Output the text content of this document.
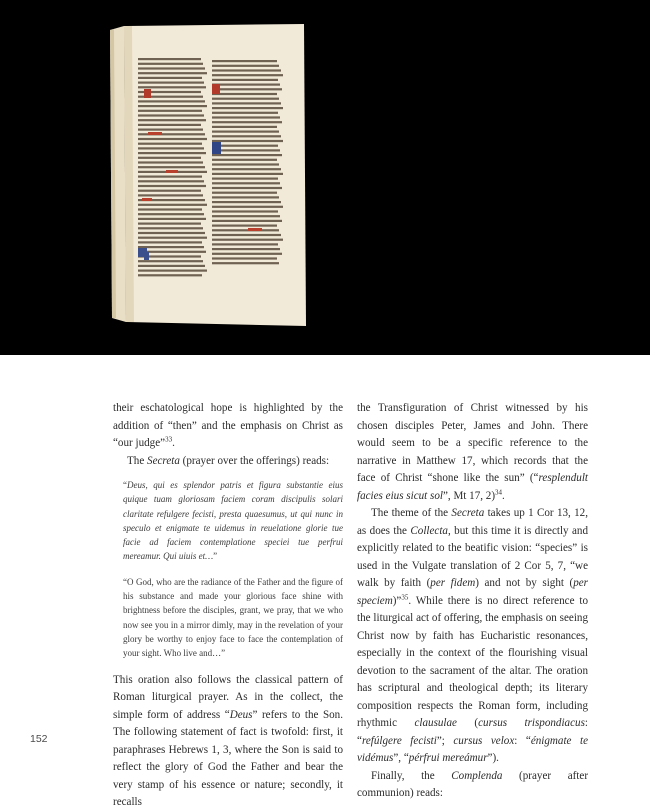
152

their eschatological hope is highlighted by the addition of “then” and the emphasis on Christ as “our judge”$^{33}$.

The Secreta (prayer over the offerings) reads:

“Deus, qui es splendor patris et figura substantie eius quique tuam gloriosam faciem coram discipulis solari claritate refulgere fecisti, presta quaesumus, ut qui nunc in speculo et enigmate te uidemus in reuelatione glorie tue facie ad faciem contemplatione speciei tue perfrui mereamur. Qui uiuis et…”

“O God, who are the radiance of the Father and the figure of his substance and made your glorious face shine with brightness before the disciples, grant, we pray, that we who now see you in a mirror dimly, may in the revelation of your glory be worthy to enjoy face to face the contemplation of your sight. Who live and…”

This oration also follows the classical pattern of Roman liturgical prayer. As in the collect, the simple form of address “Deus” refers to the Son. The following statement of fact is twofold: first, it paraphrases Hebrews 1, 3, where the Son is said to reflect the glory of God the Father and bear the very stamp of his essence or nature; secondly, it recalls

the Transfiguration of Christ witnessed by his chosen disciples Peter, James and John. There would seem to be a specific reference to the narrative in Matthew 17, which records that the face of Christ “shone like the sun” (“resplendult facies eius sicut sol”, Mt 17, 2)$^{34}$.

The theme of the Secreta takes up 1 Cor 13, 12, as does the Collecta, but this time it is directly and explicitly related to the beatific vision: “species” is used in the Vulgate translation of 2 Cor 5, 7, “we walk by faith (per fidem) and not by sight (per speciem)”$^{35}$. While there is no direct reference to the liturgical act of offering, the emphasis on seeing Christ now by faith has Eucharistic resonances, especially in the context of the flourishing visual devotion to the sacrament of the altar. The oration has scriptural and theological depth; its literary composition respects the Roman form, including rhythmic clausulae (cursus trispondiacus: “refúlgere fecisti”; cursus velox: “énigmate te vidémus”, “pérfrui mereámur”).

Finally, the Complenda (prayer after communion) reads:
